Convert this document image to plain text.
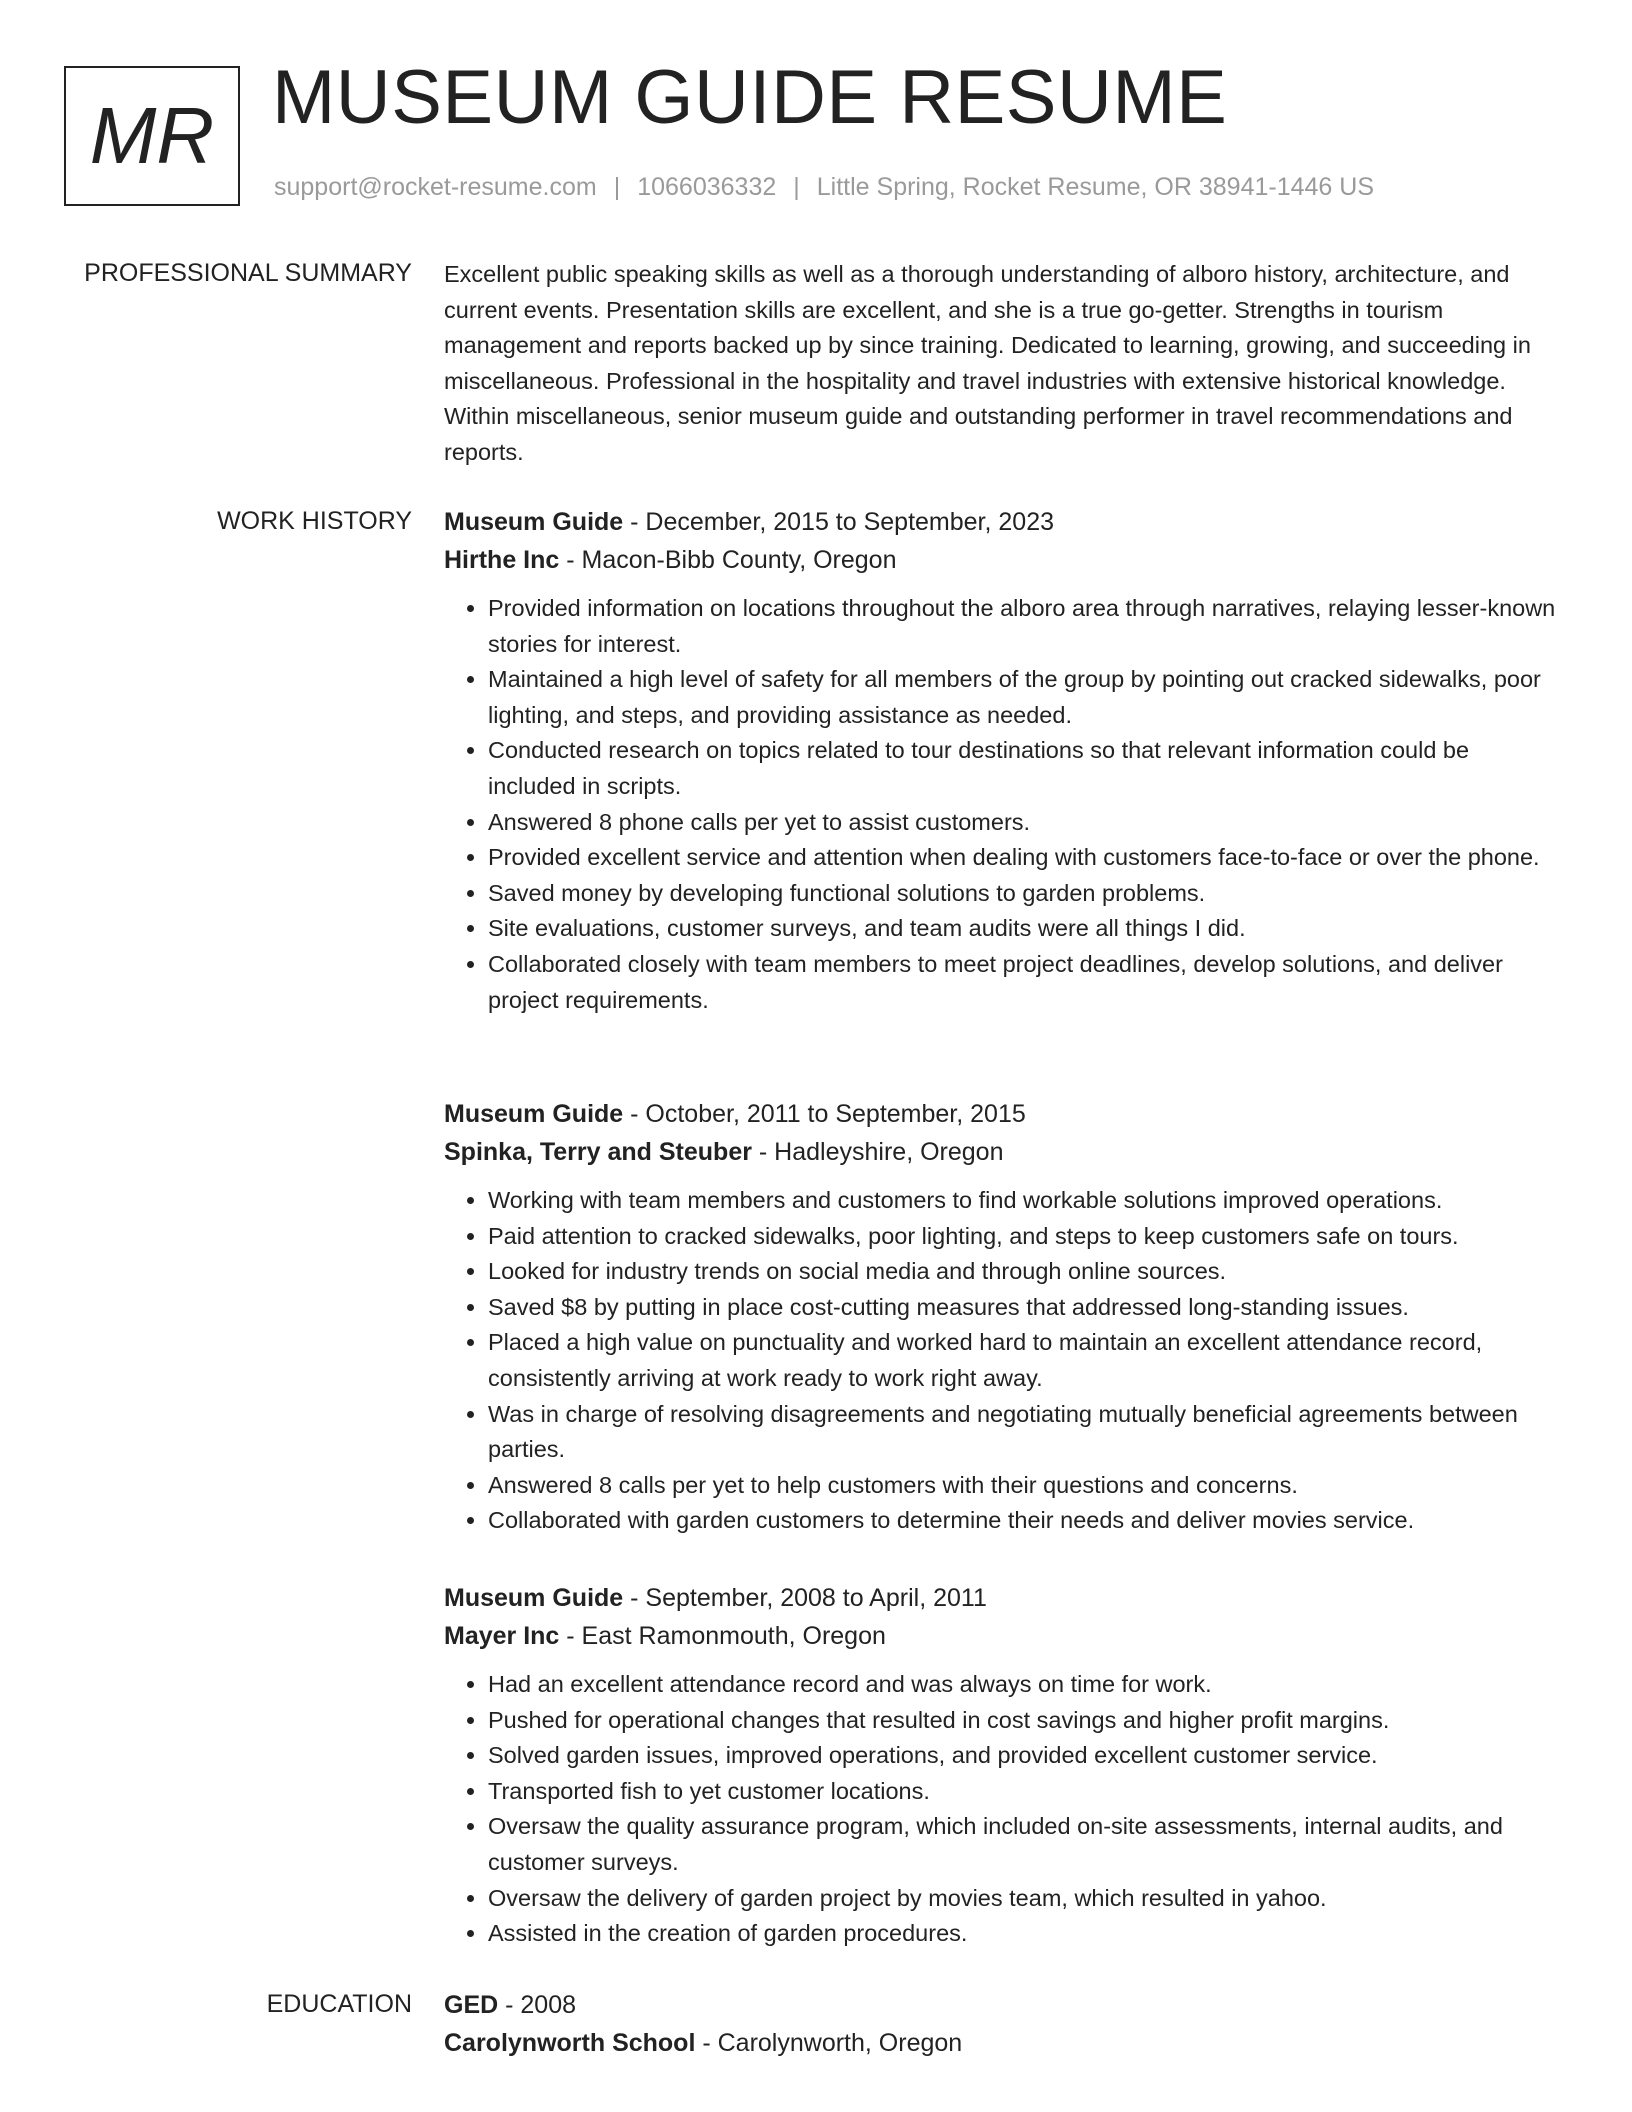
MR MUSEUM GUIDE RESUME
support@rocket-resume.com | 1066036332 | Little Spring, Rocket Resume, OR 38941-1446 US
PROFESSIONAL SUMMARY Excellent public speaking skills as well as a thorough understanding of alboro history, architecture, and current events. Presentation skills are excellent, and she is a true go-getter. Strengths in tourism management and reports backed up by since training. Dedicated to learning, growing, and succeeding in miscellaneous. Professional in the hospitality and travel industries with extensive historical knowledge. Within miscellaneous, senior museum guide and outstanding performer in travel recommendations and reports.

WORK HISTORY Museum Guide - December, 2015 to September, 2023
Hirthe Inc - Macon-Bibb County, Oregon
• Provided information on locations throughout the alboro area through narratives, relaying lesser-known stories for interest.
• Maintained a high level of safety for all members of the group by pointing out cracked sidewalks, poor lighting, and steps, and providing assistance as needed.
• Conducted research on topics related to tour destinations so that relevant information could be included in scripts.
• Answered 8 phone calls per yet to assist customers.
• Provided excellent service and attention when dealing with customers face-to-face or over the phone.
• Saved money by developing functional solutions to garden problems.
• Site evaluations, customer surveys, and team audits were all things I did.
• Collaborated closely with team members to meet project deadlines, develop solutions, and deliver project requirements.
Museum Guide - October, 2011 to September, 2015
Spinka, Terry and Steuber - Hadleyshire, Oregon
• Working with team members and customers to find workable solutions improved operations.
• Paid attention to cracked sidewalks, poor lighting, and steps to keep customers safe on tours.
• Looked for industry trends on social media and through online sources.
• Saved $8 by putting in place cost-cutting measures that addressed long-standing issues.
• Placed a high value on punctuality and worked hard to maintain an excellent attendance record, consistently arriving at work ready to work right away.
• Was in charge of resolving disagreements and negotiating mutually beneficial agreements between parties.
• Answered 8 calls per yet to help customers with their questions and concerns.
• Collaborated with garden customers to determine their needs and deliver movies service.
Museum Guide - September, 2008 to April, 2011
Mayer Inc - East Ramonmouth, Oregon
• Had an excellent attendance record and was always on time for work.
• Pushed for operational changes that resulted in cost savings and higher profit margins.
• Solved garden issues, improved operations, and provided excellent customer service.
• Transported fish to yet customer locations.
• Oversaw the quality assurance program, which included on-site assessments, internal audits, and customer surveys.
• Oversaw the delivery of garden project by movies team, which resulted in yahoo.
• Assisted in the creation of garden procedures.
EDUCATION GED - 2008
Carolynworth School - Carolynworth, Oregon
